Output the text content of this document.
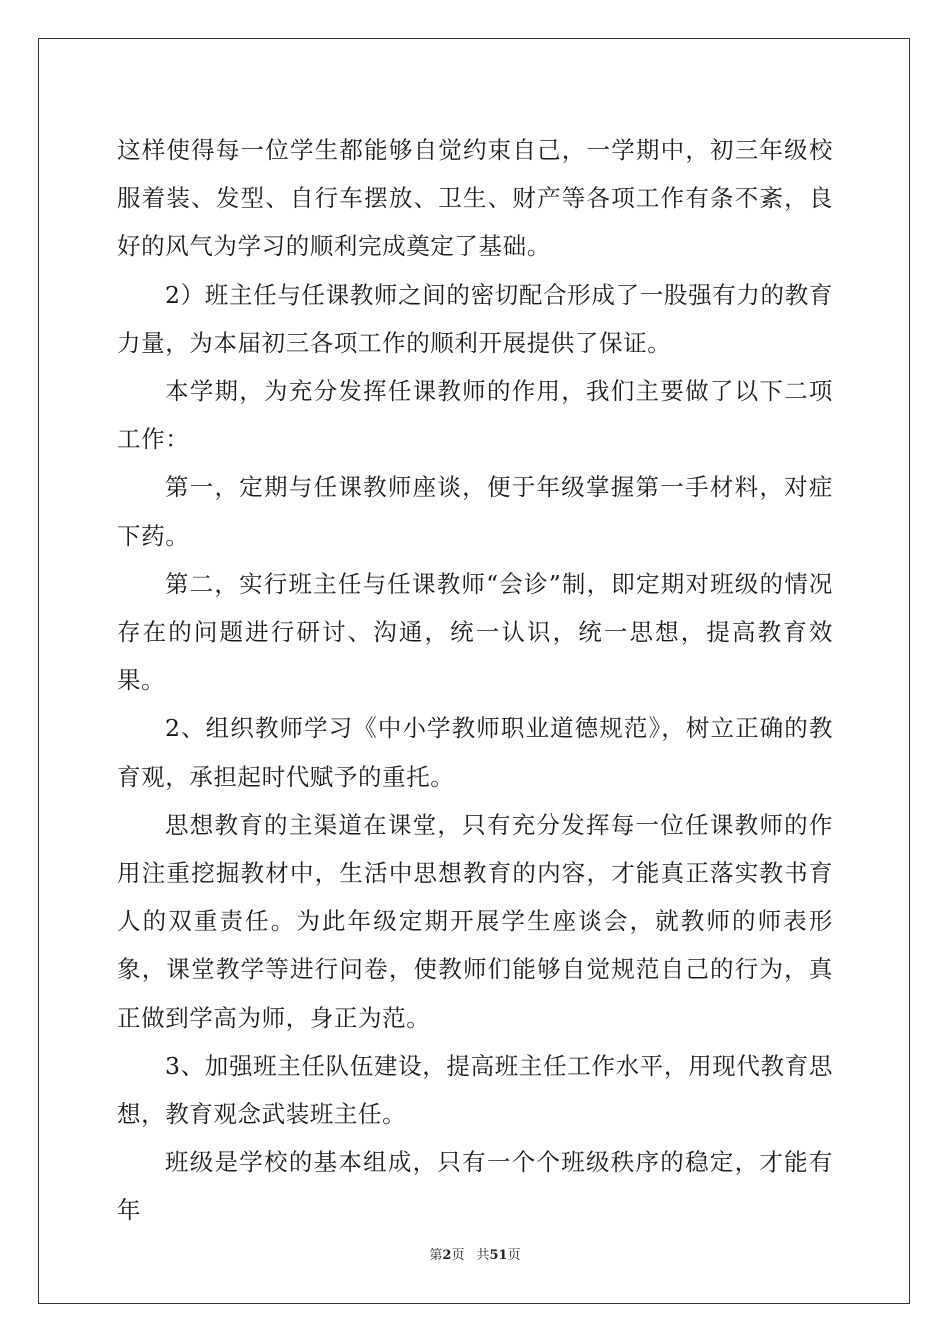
这样使得每一位学生都能够自觉约束自己，一学期中，初三年级校服着装、发型、自行车摆放、卫生、财产等各项工作有条不紊，良好的风气为学习的顺利完成奠定了基础。

2）班主任与任课教师之间的密切配合形成了一股强有力的教育力量，为本届初三各项工作的顺利开展提供了保证。

本学期，为充分发挥任课教师的作用，我们主要做了以下二项工作：

第一，定期与任课教师座谈，便于年级掌握第一手材料，对症下药。

第二，实行班主任与任课教师“会诊”制，即定期对班级的情况存在的问题进行研讨、沟通，统一认识，统一思想，提高教育效果。

2、组织教师学习《中小学教师职业道德规范》，树立正确的教育观，承担起时代赋予的重托。

思想教育的主渠道在课堂，只有充分发挥每一位任课教师的作用注重挖掘教材中，生活中思想教育的内容，才能真正落实教书育人的双重责任。为此年级定期开展学生座谈会，就教师的师表形象，课堂教学等进行问卷，使教师们能够自觉规范自己的行为，真正做到学高为师，身正为范。

3、加强班主任队伍建设，提高班主任工作水平，用现代教育思想，教育观念武装班主任。

班级是学校的基本组成，只有一个个班级秩序的稳定，才能有年

第2页 共51页
